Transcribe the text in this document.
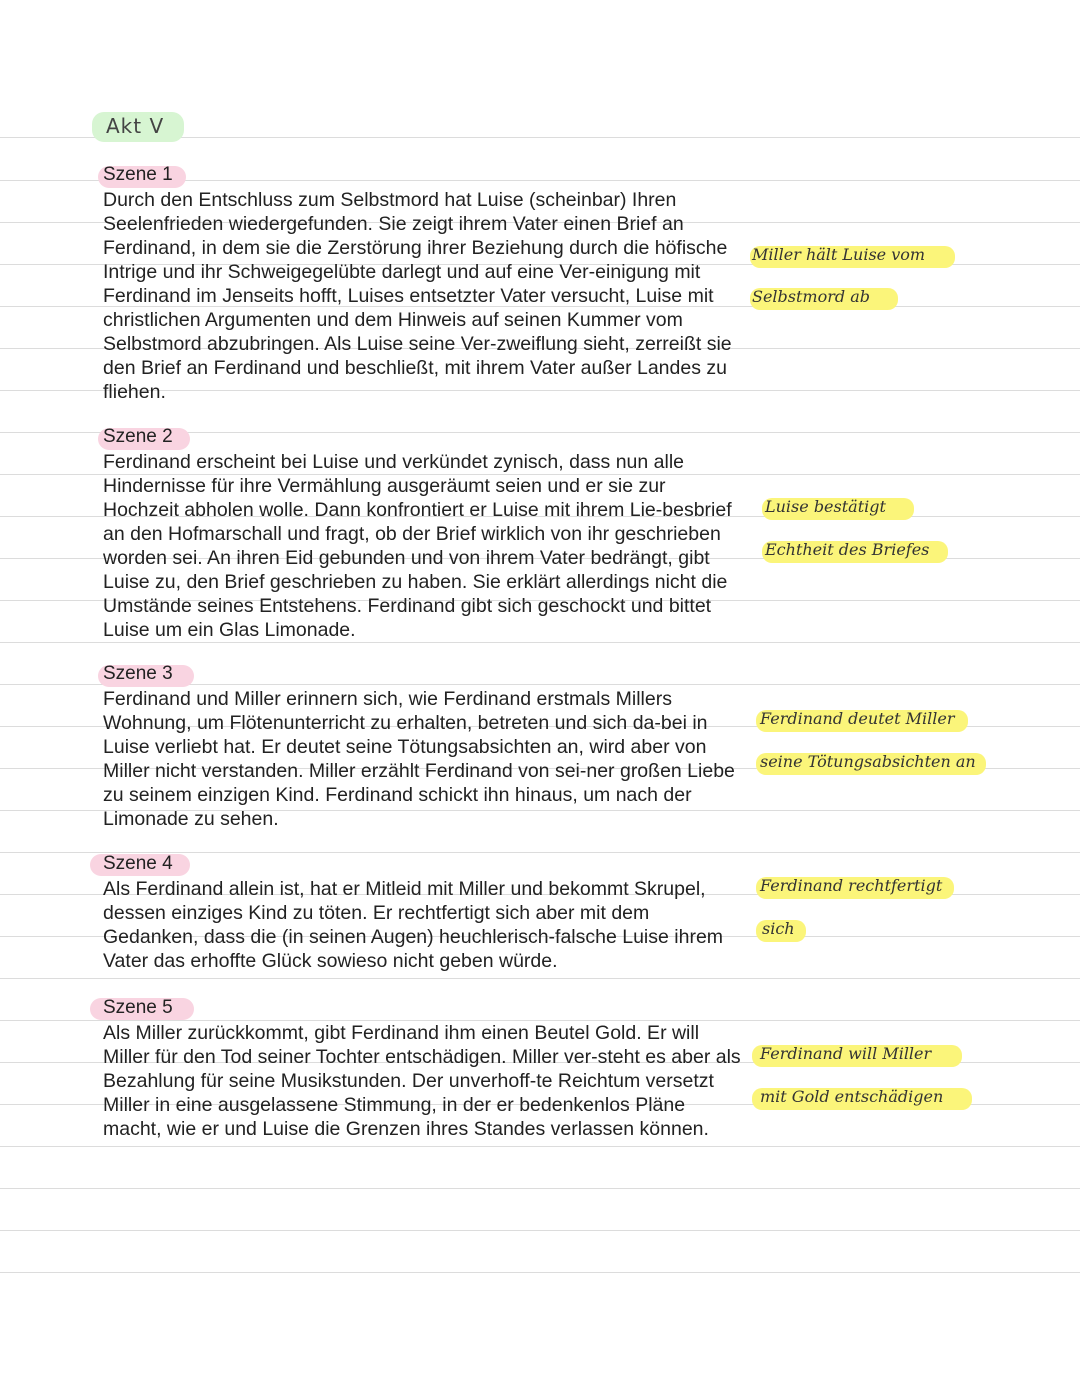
Akt V
Szene 1
Durch den Entschluss zum Selbstmord hat Luise (scheinbar) Ihren Seelenfrieden wiedergefunden. Sie zeigt ihrem Vater einen Brief an Ferdinand, in dem sie die Zerstörung ihrer Beziehung durch die höfische Intrige und ihr Schweigegelübte darlegt und auf eine Ver-einigung mit Ferdinand im Jenseits hofft, Luises entsetzter Vater versucht, Luise mit christlichen Argumenten und dem Hinweis auf seinen Kummer vom Selbstmord abzubringen. Als Luise seine Ver-zweiflung sieht, zerreißt sie den Brief an Ferdinand und beschließt, mit ihrem Vater außer Landes zu fliehen.
Miller hält Luise vom
Selbstmord ab
Szene 2
Ferdinand erscheint bei Luise und verkündet zynisch, dass nun alle Hindernisse für ihre Vermählung ausgeräumt seien und er sie zur Hochzeit abholen wolle. Dann konfrontiert er Luise mit ihrem Lie-besbrief an den Hofmarschall und fragt, ob der Brief wirklich von ihr geschrieben worden sei. An ihren Eid gebunden und von ihrem Vater bedrängt, gibt Luise zu, den Brief geschrieben zu haben. Sie erklärt allerdings nicht die Umstände seines Entstehens. Ferdinand gibt sich geschockt und bittet Luise um ein Glas Limonade.
Luise bestätigt
Echtheit des Briefes
Szene 3
Ferdinand und Miller erinnern sich, wie Ferdinand erstmals Millers Wohnung, um Flötenunterricht zu erhalten, betreten und sich da-bei in Luise verliebt hat. Er deutet seine Tötungsabsichten an, wird aber von Miller nicht verstanden. Miller erzählt Ferdinand von sei-ner großen Liebe zu seinem einzigen Kind. Ferdinand schickt ihn hinaus, um nach der Limonade zu sehen.
Ferdinand deutet Miller
seine Tötungsabsichten an
Szene 4
Als Ferdinand allein ist, hat er Mitleid mit Miller und bekommt Skrupel, dessen einziges Kind zu töten. Er rechtfertigt sich aber mit dem Gedanken, dass die (in seinen Augen) heuchlerisch-falsche Luise ihrem Vater das erhoffte Glück sowieso nicht geben würde.
Ferdinand rechtfertigt
sich
Szene 5
Als Miller zurückkommt, gibt Ferdinand ihm einen Beutel Gold. Er will Miller für den Tod seiner Tochter entschädigen. Miller ver-steht es aber als Bezahlung für seine Musikstunden. Der unverhoff-te Reichtum versetzt Miller in eine ausgelassene Stimmung, in der er bedenkenlos Pläne macht, wie er und Luise die Grenzen ihres Standes verlassen können.
Ferdinand will Miller
mit Gold entschädigen
